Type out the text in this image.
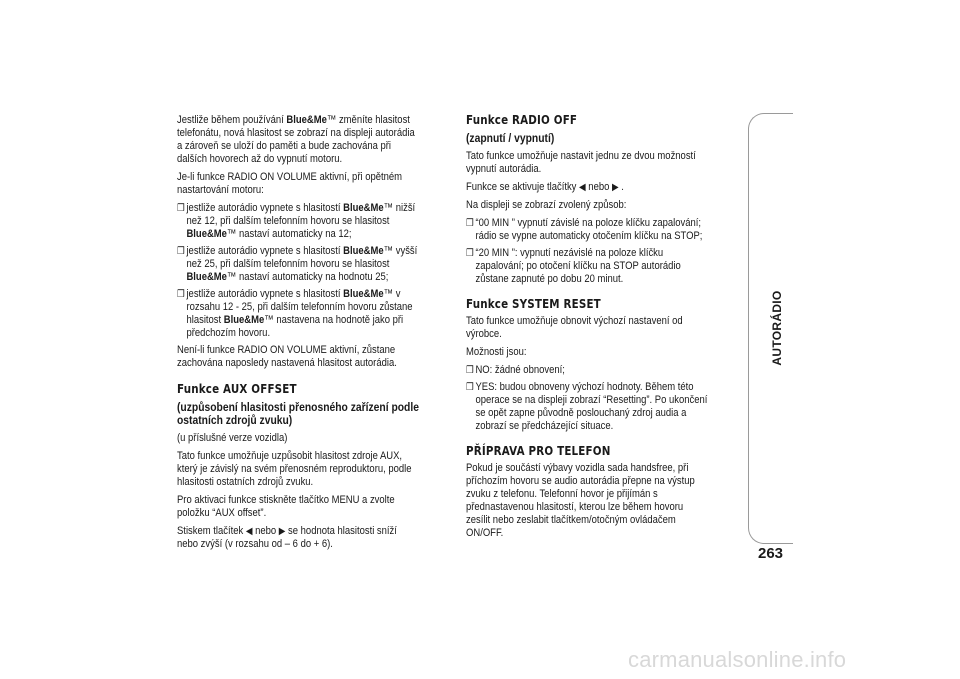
Jestliže během používání Blue&Me™ změníte hlasitost telefonátu, nová hlasitost se zobrazí na displeji autorádia a zároveň se uloží do paměti a bude zachována při dalších hovorech až do vypnutí motoru.

Je-li funkce RADIO ON VOLUME aktivní, při opětném nastartování motoru:

❒ jestliže autorádio vypnete s hlasitostí Blue&Me™ nižší než 12, při dalším telefonním hovoru se hlasitost Blue&Me™ nastaví automaticky na 12;
❒ jestliže autorádio vypnete s hlasitostí Blue&Me™ vyšší než 25, při dalším telefonním hovoru se hlasitost Blue&Me™ nastaví automaticky na hodnotu 25;
❒ jestliže autorádio vypnete s hlasitostí Blue&Me™ v rozsahu 12 - 25, při dalším telefonním hovoru zůstane hlasitost Blue&Me™ nastavena na hodnotě jako při předchozím hovoru.

Není-li funkce RADIO ON VOLUME aktivní, zůstane zachována naposledy nastavená hlasitost autorádia.

Funkce AUX OFFSET

(uzpůsobení hlasitosti přenosného zařízení podle ostatních zdrojů zvuku)

(u příslušné verze vozidla)

Tato funkce umožňuje uzpůsobit hlasitost zdroje AUX, který je závislý na svém přenosném reproduktoru, podle hlasitosti ostatních zdrojů zvuku.

Pro aktivaci funkce stiskněte tlačítko MENU a zvolte položku “AUX offset”.

Stiskem tlačítek ◀ nebo ▶ se hodnota hlasitosti sníží nebo zvýší (v rozsahu od – 6 do + 6).

Funkce RADIO OFF

(zapnutí / vypnutí)

Tato funkce umožňuje nastavit jednu ze dvou možností vypnutí autorádia.

Funkce se aktivuje tlačítky ◀ nebo ▶ .

Na displeji se zobrazí zvolený způsob:

❒ “00 MIN ” vypnutí závislé na poloze klíčku zapalování; rádio se vypne automaticky otočením klíčku na STOP;
❒ “20 MIN ”: vypnutí nezávislé na poloze klíčku zapalování; po otočení klíčku na STOP autorádio zůstane zapnuté po dobu 20 minut.

Funkce SYSTEM RESET

Tato funkce umožňuje obnovit výchozí nastavení od výrobce.

Možnosti jsou:

❒ NO: žádné obnovení;
❒ YES: budou obnoveny výchozí hodnoty. Během této operace se na displeji zobrazí “Resetting”. Po ukončení se opět zapne původně poslouchaný zdroj audia a zobrazí se předcházející situace.

PŘÍPRAVA PRO TELEFON

Pokud je součástí výbavy vozidla sada handsfree, při příchozím hovoru se audio autorádia přepne na výstup zvuku z telefonu. Telefonní hovor je přijímán s přednastavenou hlasitostí, kterou lze během hovoru zesílit nebo zeslabit tlačítkem/otočným ovládačem ON/OFF.

AUTORÁDIO
263
carmanualsonline.info
